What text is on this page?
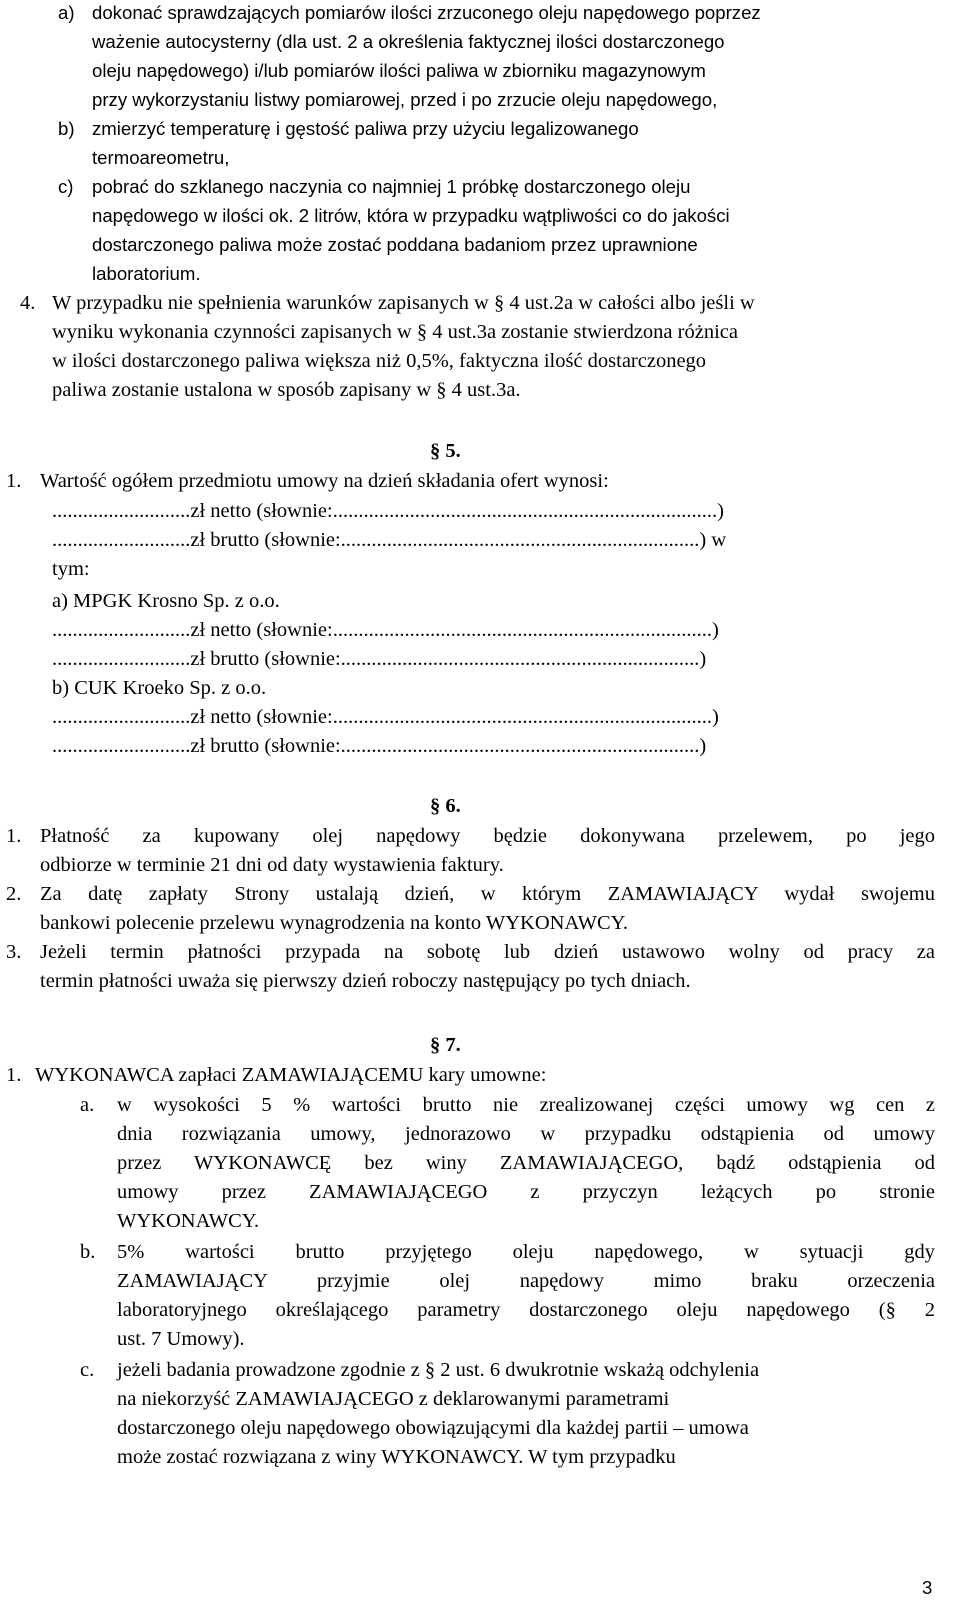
a) dokonać sprawdzających pomiarów ilości zrzuconego oleju napędowego poprzez
ważenie autocysterny (dla ust. 2 a określenia faktycznej ilości dostarczonego
oleju napędowego) i/lub pomiarów ilości paliwa w zbiorniku magazynowym
przy wykorzystaniu listwy pomiarowej, przed i po zrzucie oleju napędowego,
b) zmierzyć temperaturę i gęstość paliwa przy użyciu legalizowanego
termoareometru,
c) pobrać do szklanego naczynia co najmniej 1 próbkę dostarczonego oleju
napędowego w ilości ok. 2 litrów, która w przypadku wątpliwości co do jakości
dostarczonego paliwa może zostać poddana badaniom przez uprawnione
laboratorium.
4. W przypadku nie spełnienia warunków zapisanych w § 4 ust.2a w całości albo jeśli w
wyniku wykonania czynności zapisanych w § 4 ust.3a zostanie stwierdzona różnica
w ilości dostarczonego paliwa większa niż 0,5%, faktyczna ilość dostarczonego
paliwa zostanie ustalona w sposób zapisany w § 4 ust.3a.
§ 5.
1. Wartość ogółem przedmiotu umowy na dzień składania ofert wynosi:
...........................zł netto (słownie:...........................................................................)
...........................zł brutto (słownie:......................................................................) w
tym:
a) MPGK Krosno Sp. z o.o.
...........................zł netto (słownie:..........................................................................)
...........................zł brutto (słownie:......................................................................)
b) CUK Kroeko Sp. z o.o.
...........................zł netto (słownie:..........................................................................)
...........................zł brutto (słownie:......................................................................)
§ 6.
1. Płatność za kupowany olej napędowy będzie dokonywana przelewem, po jego
odbiorze w terminie 21 dni od daty wystawienia faktury.
2. Za datę zapłaty Strony ustalają dzień, w którym ZAMAWIAJĄCY wydał swojemu
bankowi polecenie przelewu wynagrodzenia na konto WYKONAWCY.
3. Jeżeli termin płatności przypada na sobotę lub dzień ustawowo wolny od pracy za
termin płatności uważa się pierwszy dzień roboczy następujący po tych dniach.
§ 7.
1. WYKONAWCA zapłaci ZAMAWIAJĄCEMU kary umowne:
a. w wysokości 5 % wartości brutto nie zrealizowanej części umowy wg cen z
dnia rozwiązania umowy, jednorazowo w przypadku odstąpienia od umowy
przez WYKONAWCĘ bez winy ZAMAWIAJĄCEGO, bądź odstąpienia od
umowy przez ZAMAWIAJĄCEGO z przyczyn leżących po stronie
WYKONAWCY.
b. 5% wartości brutto przyjętego oleju napędowego, w sytuacji gdy
ZAMAWIAJĄCY przyjmie olej napędowy mimo braku orzeczenia
laboratoryjnego określającego parametry dostarczonego oleju napędowego (§ 2
ust. 7 Umowy).
c. jeżeli badania prowadzone zgodnie z § 2 ust. 6 dwukrotnie wskażą odchylenia
na niekorzyść ZAMAWIAJĄCEGO z deklarowanymi parametrami
dostarczonego oleju napędowego obowiązującymi dla każdej partii – umowa
może zostać rozwiązana z winy WYKONAWCY. W tym przypadku
3
